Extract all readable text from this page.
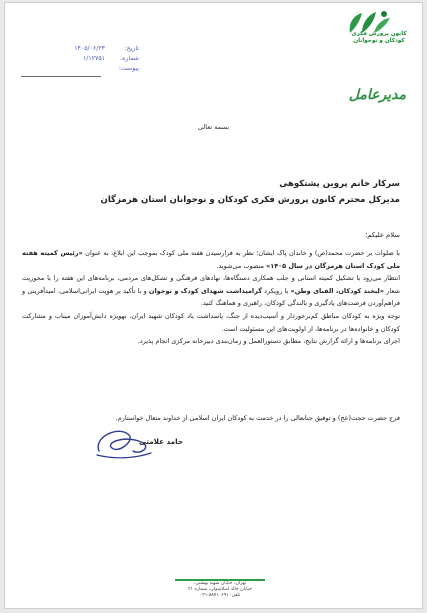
کانون پرورش فکری
کودکان و نوجوانان
تاریخ:
۱۴۰۵/۰۶/۲۳
شماره:
۱/۱۲۷۵۱
پیوست:
مدیرعامل
بسمه تعالی
سرکار خانم پروین پشتکوهی
مدیرکل محترم کانون پرورش فکری کودکان و نوجوانان استان هرمزگان
سلام علیکم؛

با صلوات بر حضرت محمد(ص) و خاندان پاک ایشان؛ نظر به فرارسیدن هفته ملی کودک بموجب این ابلاغ، به عنوان «رئیس کمیته هفته ملی کودک استان هرمزگان در سال ۱۴۰۵» منصوب می‌شوید.

انتظار می‌رود با تشکیل کمیته استانی و جلب همکاری دستگاه‌ها، نهادهای فرهنگی و تشکل‌های مردمی، برنامه‌های این هفته را با محوریت شعار «لبخند کودکان، الفبای وطن» با رویکرد گرامیداشت شهدای کودک و نوجوان و با تأکید بر هویت ایرانی‌اسلامی، امیدآفرینی و فراهم‌آوردن فرصت‌های یادگیری و بالندگی کودکان، راهبری و هماهنگ کنید.

توجه ویژه به کودکان مناطق کم‌برخوردار و آسیب‌دیده از جنگ، پاسداشت یاد کودکان شهید ایران، بهویژه دانش‌آموزان میناب و مشارکت کودکان و خانواده‌ها در برنامه‌ها، از اولویت‌های این مسئولیت است.

اجرای برنامه‌ها و ارائه گزارش نتایج، مطابق دستورالعمل و زمان‌بندی دبیرخانه مرکزی انجام پذیرد.

فرج حضرت حجت(عج) و توفیق جنابعالی را در خدمت به کودکان ایران اسلامی از خداوند متعال خواستارم.
حامد علامتی
تهران، خیابان شهید بهشتی،
خیابان خالد اسلامبولی، شماره ۲۱
تلفن: ۸۸۷۱۰۶۹۱-۰۲۱
